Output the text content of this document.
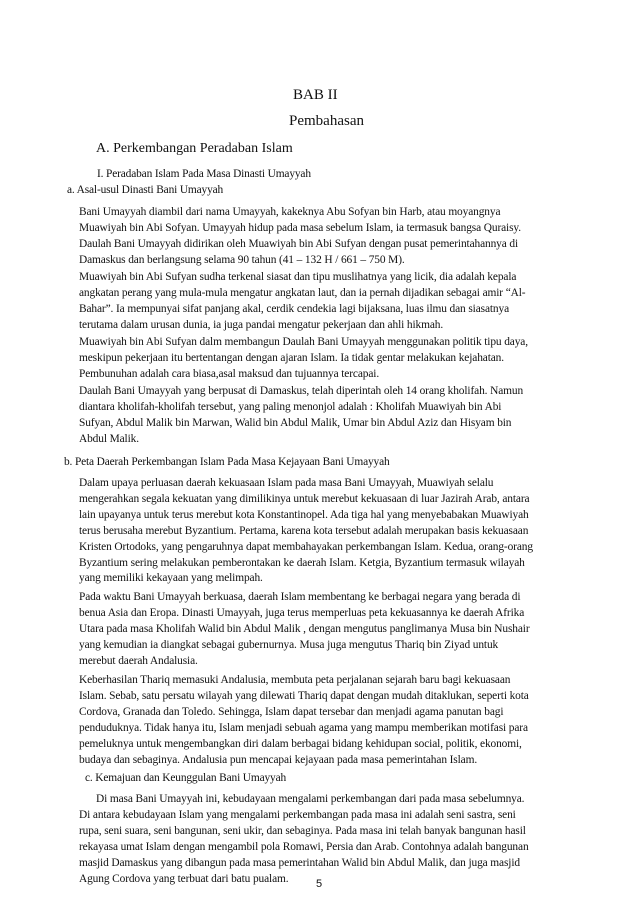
BAB II
Pembahasan
A. Perkembangan Peradaban Islam
I. Peradaban Islam Pada Masa Dinasti Umayyah
a. Asal-usul Dinasti Bani Umayyah
Bani Umayyah diambil dari nama Umayyah, kakeknya Abu Sofyan bin Harb, atau moyangnya
Muawiyah bin Abi Sofyan. Umayyah hidup pada masa sebelum Islam, ia termasuk bangsa Quraisy.
Daulah Bani Umayyah didirikan oleh Muawiyah bin Abi Sufyan dengan pusat pemerintahannya di
Damaskus dan berlangsung selama 90 tahun (41 – 132 H / 661 – 750 M).
Muawiyah bin Abi Sufyan sudha terkenal siasat dan tipu muslihatnya yang licik, dia adalah kepala
angkatan perang yang mula-mula mengatur angkatan laut, dan ia pernah dijadikan sebagai amir “Al-
Bahar”. Ia mempunyai sifat panjang akal, cerdik cendekia lagi bijaksana, luas ilmu dan siasatnya
terutama dalam urusan dunia, ia juga pandai mengatur pekerjaan dan ahli hikmah.
Muawiyah bin Abi Sufyan dalm membangun Daulah Bani Umayyah menggunakan politik tipu daya,
meskipun pekerjaan itu bertentangan dengan ajaran Islam. Ia tidak gentar melakukan kejahatan.
Pembunuhan adalah cara biasa,asal maksud dan tujuannya tercapai.
Daulah Bani Umayyah yang berpusat di Damaskus, telah diperintah oleh 14 orang kholifah. Namun
diantara kholifah-kholifah tersebut, yang paling menonjol adalah : Kholifah Muawiyah bin Abi
Sufyan, Abdul Malik bin Marwan, Walid bin Abdul Malik, Umar bin Abdul Aziz dan Hisyam bin
Abdul Malik.
b. Peta Daerah Perkembangan Islam Pada Masa Kejayaan Bani Umayyah
Dalam upaya perluasan daerah kekuasaan Islam pada masa Bani Umayyah, Muawiyah selalu
mengerahkan segala kekuatan yang dimilikinya untuk merebut kekuasaan di luar Jazirah Arab, antara
lain upayanya untuk terus merebut kota Konstantinopel. Ada tiga hal yang menyebabakan Muawiyah
terus berusaha merebut Byzantium. Pertama, karena kota tersebut adalah merupakan basis kekuasaan
Kristen Ortodoks, yang pengaruhnya dapat membahayakan perkembangan Islam. Kedua, orang-orang
Byzantium sering melakukan pemberontakan ke daerah Islam. Ketgia, Byzantium termasuk wilayah
yang memiliki kekayaan yang melimpah.
Pada waktu Bani Umayyah berkuasa, daerah Islam membentang ke berbagai negara yang berada di
benua Asia dan Eropa. Dinasti Umayyah, juga terus memperluas peta kekuasannya ke daerah Afrika
Utara pada masa Kholifah Walid bin Abdul Malik , dengan mengutus panglimanya Musa bin Nushair
yang kemudian ia diangkat sebagai gubernurnya. Musa juga mengutus Thariq bin Ziyad untuk
merebut daerah Andalusia.
Keberhasilan Thariq memasuki Andalusia, membuta peta perjalanan sejarah baru bagi kekuasaan
Islam. Sebab, satu persatu wilayah yang dilewati Thariq dapat dengan mudah ditaklukan, seperti kota
Cordova, Granada dan Toledo. Sehingga, Islam dapat tersebar dan menjadi agama panutan bagi
penduduknya. Tidak hanya itu, Islam menjadi sebuah agama yang mampu memberikan motifasi para
pemeluknya untuk mengembangkan diri dalam berbagai bidang kehidupan social, politik, ekonomi,
budaya dan sebaginya. Andalusia pun mencapai kejayaan pada masa pemerintahan Islam.
c. Kemajuan dan Keunggulan Bani Umayyah
Di masa Bani Umayyah ini, kebudayaan mengalami perkembangan dari pada masa sebelumnya.
Di antara kebudayaan Islam yang mengalami perkembangan pada masa ini adalah seni sastra, seni
rupa, seni suara, seni bangunan, seni ukir, dan sebaginya. Pada masa ini telah banyak bangunan hasil
rekayasa umat Islam dengan mengambil pola Romawi, Persia dan Arab. Contohnya adalah bangunan
masjid Damaskus yang dibangun pada masa pemerintahan Walid bin Abdul Malik, dan juga masjid
Agung Cordova yang terbuat dari batu pualam.	5
